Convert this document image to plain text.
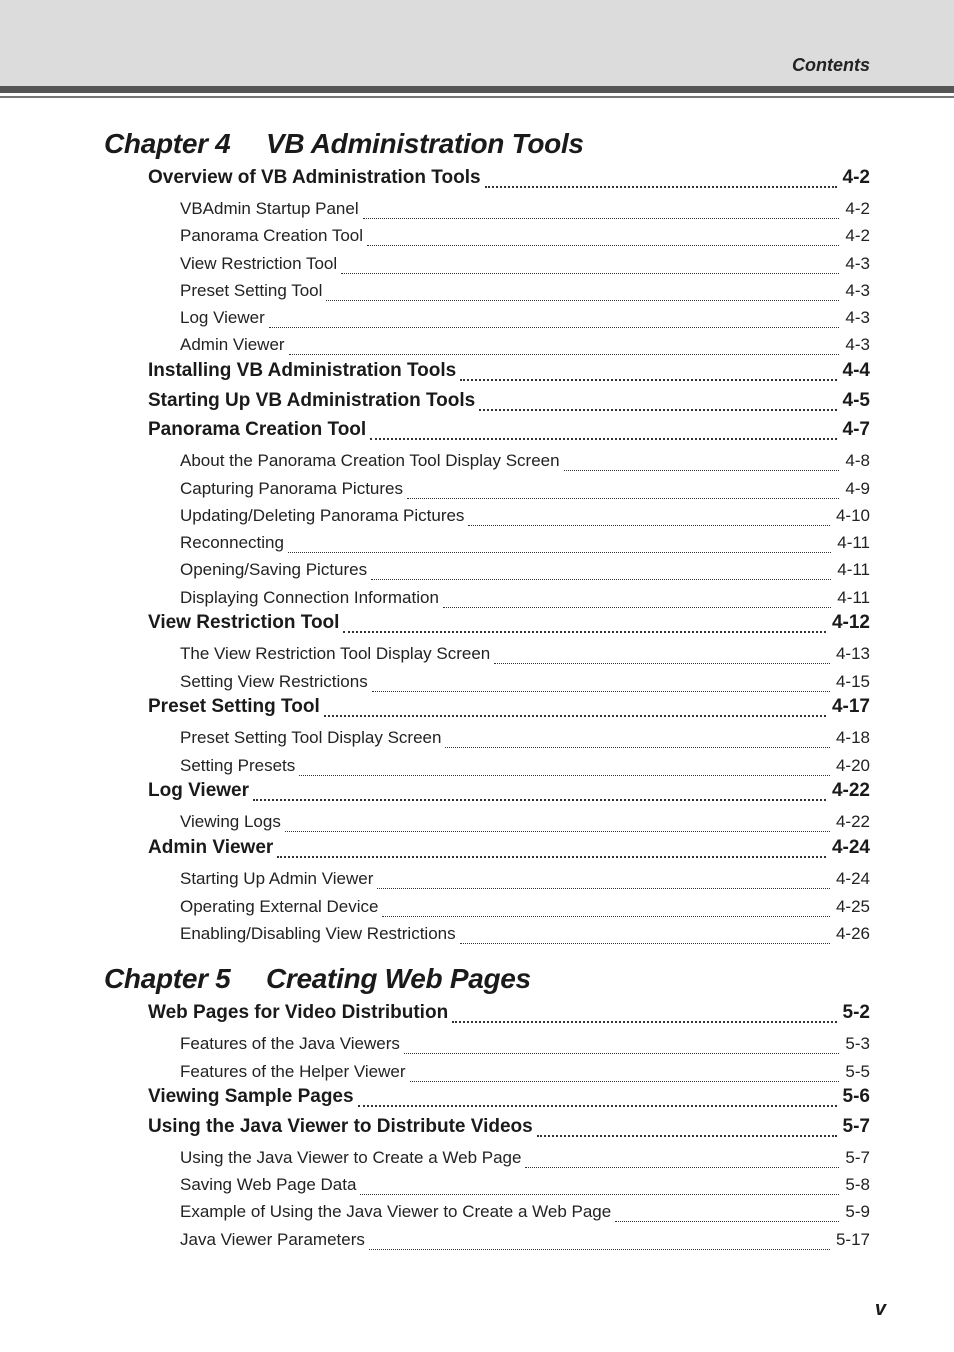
Contents
Chapter 4 VB Administration Tools
Overview of VB Administration Tools	4-2
VBAdmin Startup Panel	4-2
Panorama Creation Tool	4-2
View Restriction Tool	4-3
Preset Setting Tool	4-3
Log Viewer	4-3
Admin Viewer	4-3
Installing VB Administration Tools	4-4
Starting Up VB Administration Tools	4-5
Panorama Creation Tool	4-7
About the Panorama Creation Tool Display Screen	4-8
Capturing Panorama Pictures	4-9
Updating/Deleting Panorama Pictures	4-10
Reconnecting	4-11
Opening/Saving Pictures	4-11
Displaying Connection Information	4-11
View Restriction Tool	4-12
The View Restriction Tool Display Screen	4-13
Setting View Restrictions	4-15
Preset Setting Tool	4-17
Preset Setting Tool Display Screen	4-18
Setting Presets	4-20
Log Viewer	4-22
Viewing Logs	4-22
Admin Viewer	4-24
Starting Up Admin Viewer	4-24
Operating External Device	4-25
Enabling/Disabling View Restrictions	4-26
Chapter 5 Creating Web Pages
Web Pages for Video Distribution	5-2
Features of the Java Viewers	5-3
Features of the Helper Viewer	5-5
Viewing Sample Pages	5-6
Using the Java Viewer to Distribute Videos	5-7
Using the Java Viewer to Create a Web Page	5-7
Saving Web Page Data	5-8
Example of Using the Java Viewer to Create a Web Page	5-9
Java Viewer Parameters	5-17
v
